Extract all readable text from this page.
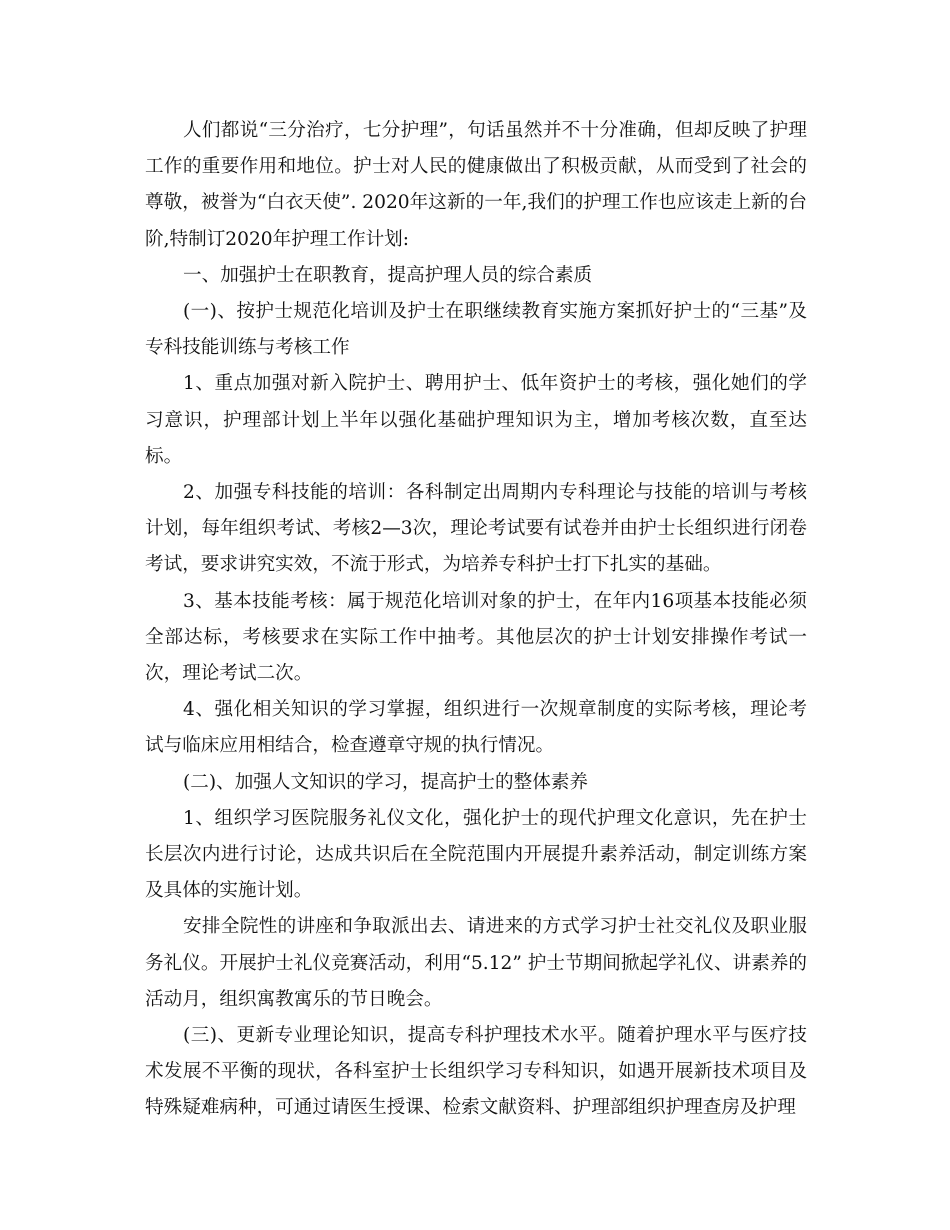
人们都说“三分治疗，七分护理”，句话虽然并不十分准确，但却反映了护理工作的重要作用和地位。护士对人民的健康做出了积极贡献，从而受到了社会的尊敬，被誉为“白衣天使”. 2020年这新的一年,我们的护理工作也应该走上新的台阶,特制订2020年护理工作计划:

一、加强护士在职教育，提高护理人员的综合素质

(一)、按护士规范化培训及护士在职继续教育实施方案抓好护士的“三基”及专科技能训练与考核工作

1、重点加强对新入院护士、聘用护士、低年资护士的考核，强化她们的学习意识，护理部计划上半年以强化基础护理知识为主，增加考核次数，直至达标。

2、加强专科技能的培训：各科制定出周期内专科理论与技能的培训与考核计划，每年组织考试、考核2—3次，理论考试要有试卷并由护士长组织进行闭卷考试，要求讲究实效，不流于形式，为培养专科护士打下扎实的基础。

3、基本技能考核：属于规范化培训对象的护士，在年内16项基本技能必须全部达标，考核要求在实际工作中抽考。其他层次的护士计划安排操作考试一次，理论考试二次。

4、强化相关知识的学习掌握，组织进行一次规章制度的实际考核，理论考试与临床应用相结合，检查遵章守规的执行情况。

(二)、加强人文知识的学习，提高护士的整体素养

1、组织学习医院服务礼仪文化，强化护士的现代护理文化意识，先在护士长层次内进行讨论，达成共识后在全院范围内开展提升素养活动，制定训练方案及具体的实施计划。

安排全院性的讲座和争取派出去、请进来的方式学习护士社交礼仪及职业服务礼仪。开展护士礼仪竞赛活动，利用“5.12” 护士节期间掀起学礼仪、讲素养的活动月，组织寓教寓乐的节日晚会。

(三)、更新专业理论知识，提高专科护理技术水平。随着护理水平与医疗技术发展不平衡的现状，各科室护士长组织学习专科知识，如遇开展新技术项目及特殊疑难病种，可通过请医生授课、检索文献资料、护理部组织护理查房及护理
